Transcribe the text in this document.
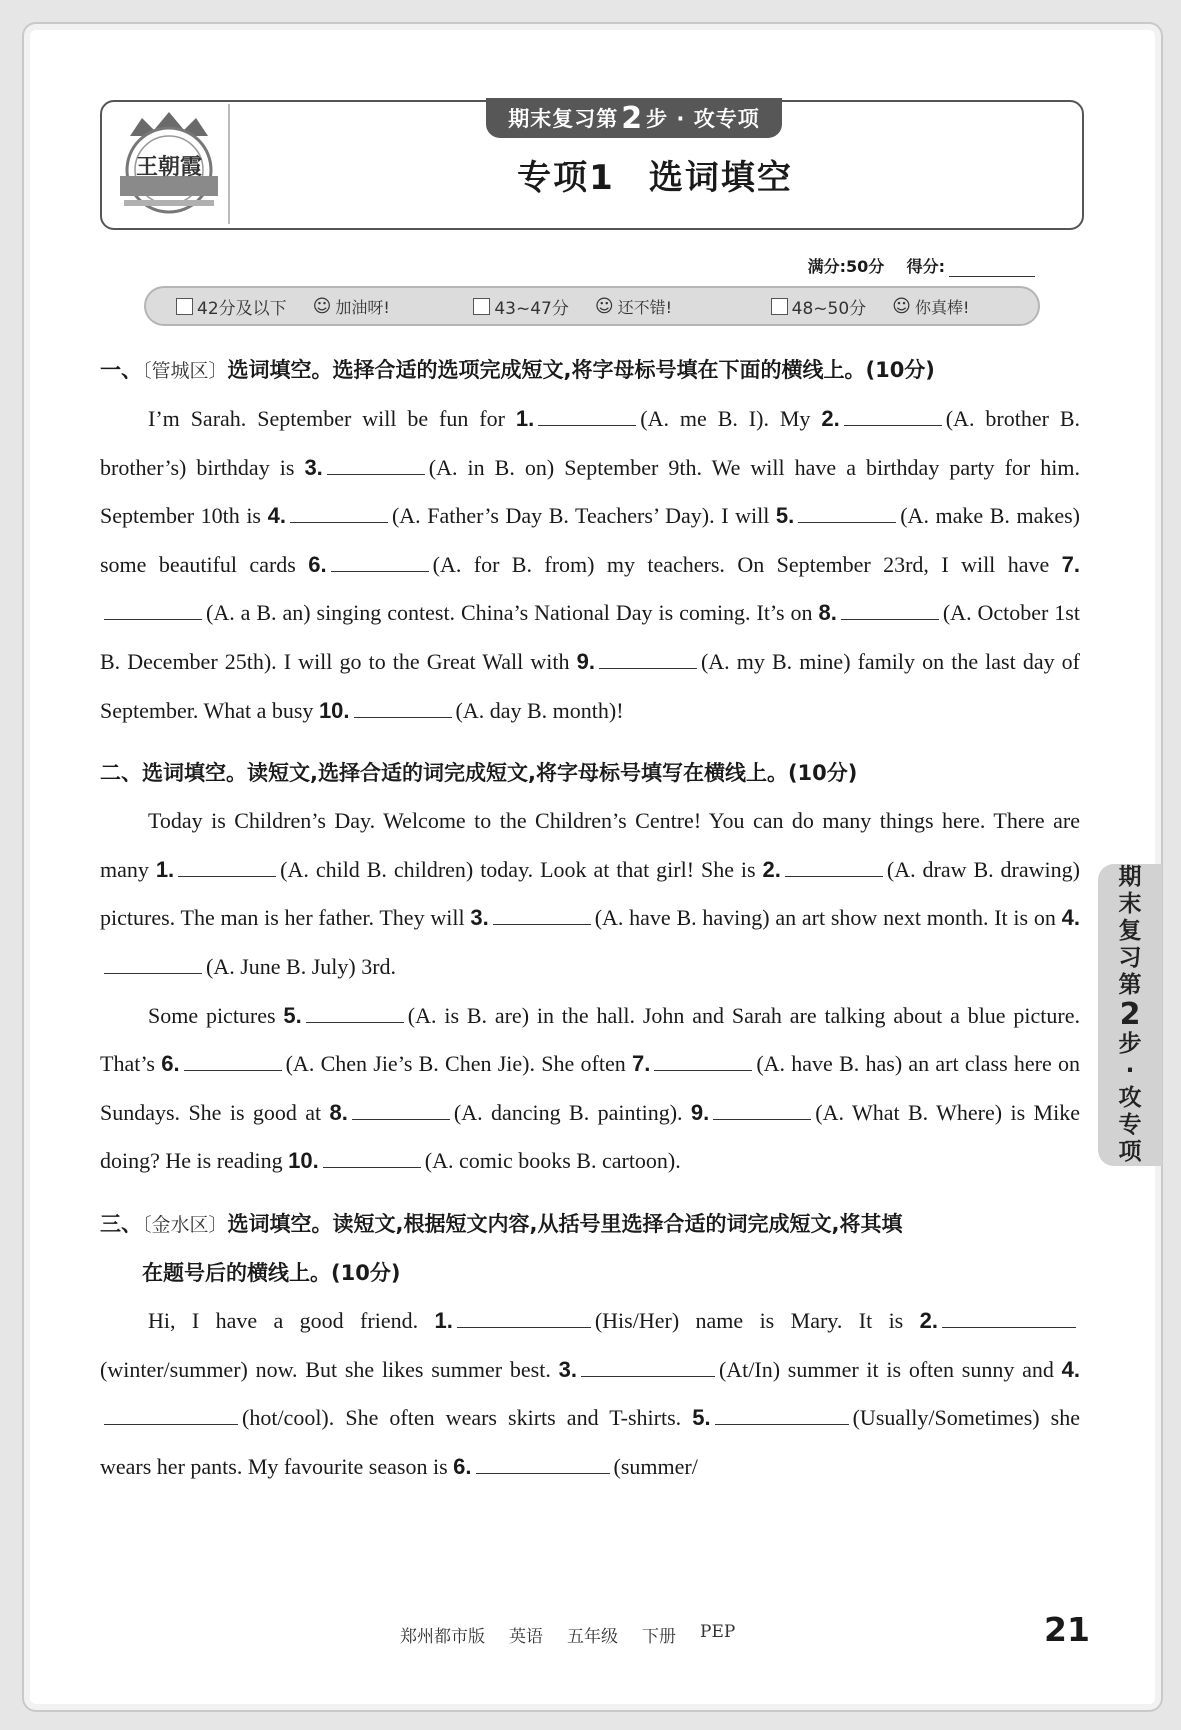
王朝霞
期末复习第 2 步 · 攻专项
专项1 选词填空
满分:50分 得分:
42分及以下 ☺ 加油呀!	43~47分 ☺ 还不错!	48~50分 ☺ 你真棒!
一、〔管城区〕选词填空。选择合适的选项完成短文,将字母标号填在下面的横线上。(10分)
I’m Sarah. September will be fun for 1.	(A. me B. I). My 2.	(A. brother B. brother’s) birthday is 3.	(A. in B. on) September 9th. We will have a birthday party for him. September 10th is 4.	(A. Father’s Day B. Teachers’ Day). I will 5.	(A. make B. makes) some beautiful cards 6.	(A. for B. from) my teachers. On September 23rd, I will have 7.(A. a B. an) singing contest. China’s National Day is coming. It’s on 8.	(A. October 1st B. December 25th). I will go to the Great Wall with 9.	(A. my B. mine) family on the last day of September. What a busy 10.	(A. day B. month)!
二、选词填空。读短文,选择合适的词完成短文,将字母标号填写在横线上。(10分)
Today is Children’s Day. Welcome to the Children’s Centre! You can do many things here. There are many 1.	(A. child B. children) today. Look at that girl! She is 2.	(A. draw B. drawing) pictures. The man is her father. They will 3.	(A. have B. having) an art show next month. It is on 4.(A. June B. July) 3rd.
Some pictures 5.	(A. is B. are) in the hall. John and Sarah are talking about a blue picture. That’s 6.	(A. Chen Jie’s B. Chen Jie). She often 7.	(A. have B. has) an art class here on Sundays. She is good at 8.	(A. dancing B. painting). 9.	(A. What B. Where) is Mike doing? He is reading 10.	(A. comic books B. cartoon).
三、〔金水区〕选词填空。读短文,根据短文内容,从括号里选择合适的词完成短文,将其填
在题号后的横线上。(10分)
Hi, I have a good friend. 1.	(His/Her) name is Mary. It is 2.(winter/summer) now. But she likes summer best. 3.	(At/In) summer it is often sunny and 4.(hot/cool). She often wears skirts and T-shirts. 5.	(Usually/Sometimes) she wears her pants. My favourite season is 6.	(summer/
期
末
复
习
第
2
步
·
攻
专
项
郑州都市版 英语 五年级 下册 PEP	21
